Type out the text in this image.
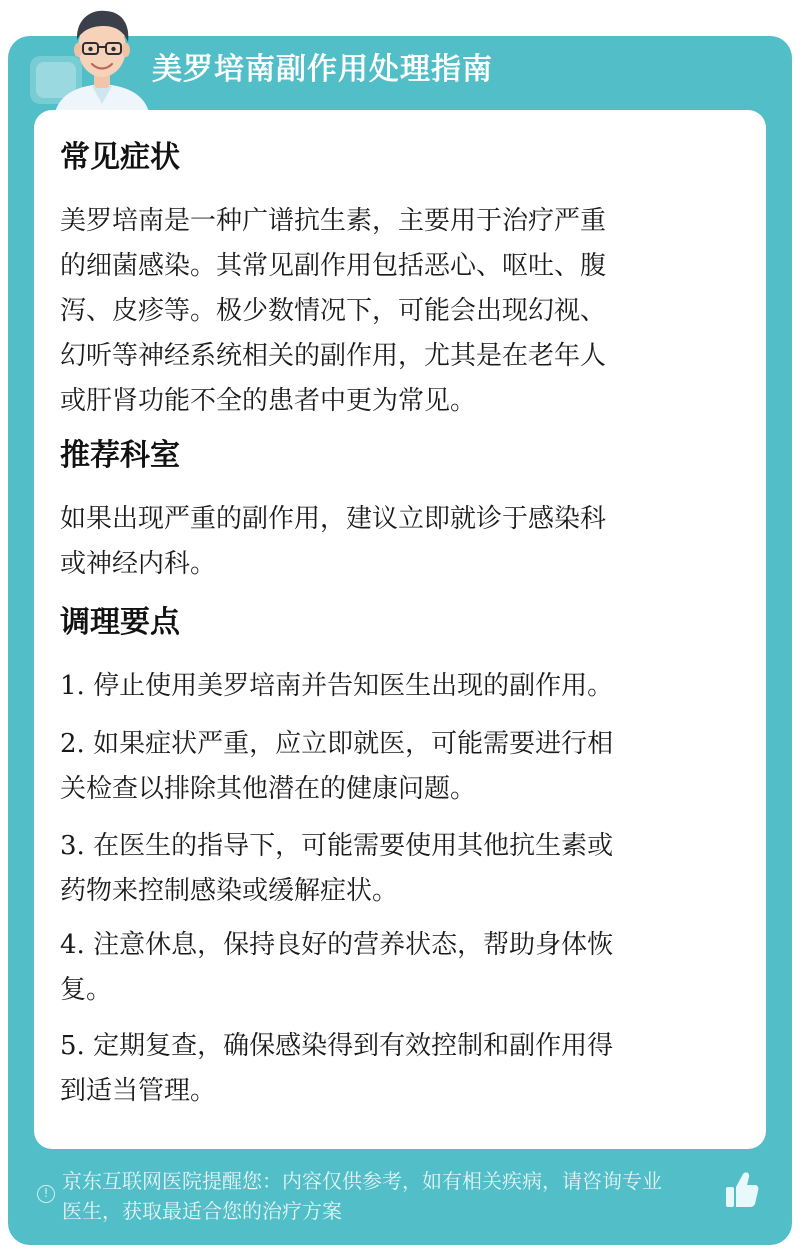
美罗培南副作用处理指南
常见症状
美罗培南是一种广谱抗生素，主要用于治疗严重
的细菌感染。其常见副作用包括恶心、呕吐、腹
泻、皮疹等。极少数情况下，可能会出现幻视、
幻听等神经系统相关的副作用，尤其是在老年人
或肝肾功能不全的患者中更为常见。
推荐科室
如果出现严重的副作用，建议立即就诊于感染科
或神经内科。
调理要点
1. 停止使用美罗培南并告知医生出现的副作用。
2. 如果症状严重，应立即就医，可能需要进行相
关检查以排除其他潜在的健康问题。
3. 在医生的指导下，可能需要使用其他抗生素或
药物来控制感染或缓解症状。
4. 注意休息，保持良好的营养状态，帮助身体恢
复。
5. 定期复查，确保感染得到有效控制和副作用得
到适当管理。
! 京东互联网医院提醒您：内容仅供参考，如有相关疾病，请咨询专业
医生，获取最适合您的治疗方案
